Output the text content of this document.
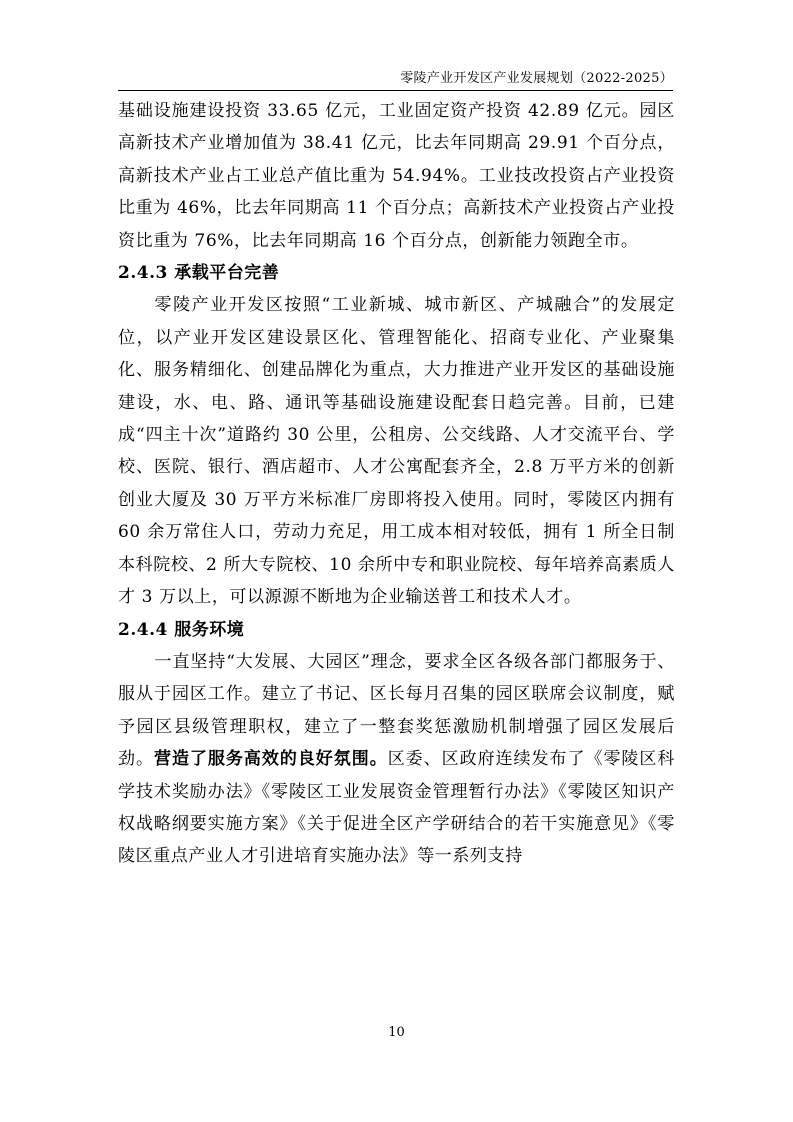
零陵产业开发区产业发展规划（2022-2025）

基础设施建设投资 33.65 亿元，工业固定资产投资 42.89 亿元。园区高新技术产业增加值为 38.41 亿元，比去年同期高 29.91 个百分点，高新技术产业占工业总产值比重为 54.94%。工业技改投资占产业投资比重为 46%，比去年同期高 11 个百分点；高新技术产业投资占产业投资比重为 76%，比去年同期高 16 个百分点，创新能力领跑全市。

2.4.3 承载平台完善

零陵产业开发区按照“工业新城、城市新区、产城融合”的发展定位，以产业开发区建设景区化、管理智能化、招商专业化、产业聚集化、服务精细化、创建品牌化为重点，大力推进产业开发区的基础设施建设，水、电、路、通讯等基础设施建设配套日趋完善。目前，已建成“四主十次”道路约 30 公里，公租房、公交线路、人才交流平台、学校、医院、银行、酒店超市、人才公寓配套齐全，2.8 万平方米的创新创业大厦及 30 万平方米标准厂房即将投入使用。同时，零陵区内拥有 60 余万常住人口，劳动力充足，用工成本相对较低，拥有 1 所全日制本科院校、2 所大专院校、10 余所中专和职业院校、每年培养高素质人才 3 万以上，可以源源不断地为企业输送普工和技术人才。

2.4.4 服务环境

一直坚持“大发展、大园区”理念，要求全区各级各部门都服务于、服从于园区工作。建立了书记、区长每月召集的园区联席会议制度，赋予园区县级管理职权，建立了一整套奖惩激励机制增强了园区发展后劲。营造了服务高效的良好氛围。区委、区政府连续发布了《零陵区科学技术奖励办法》《零陵区工业发展资金管理暂行办法》《零陵区知识产权战略纲要实施方案》《关于促进全区产学研结合的若干实施意见》《零陵区重点产业人才引进培育实施办法》等一系列支持

10
